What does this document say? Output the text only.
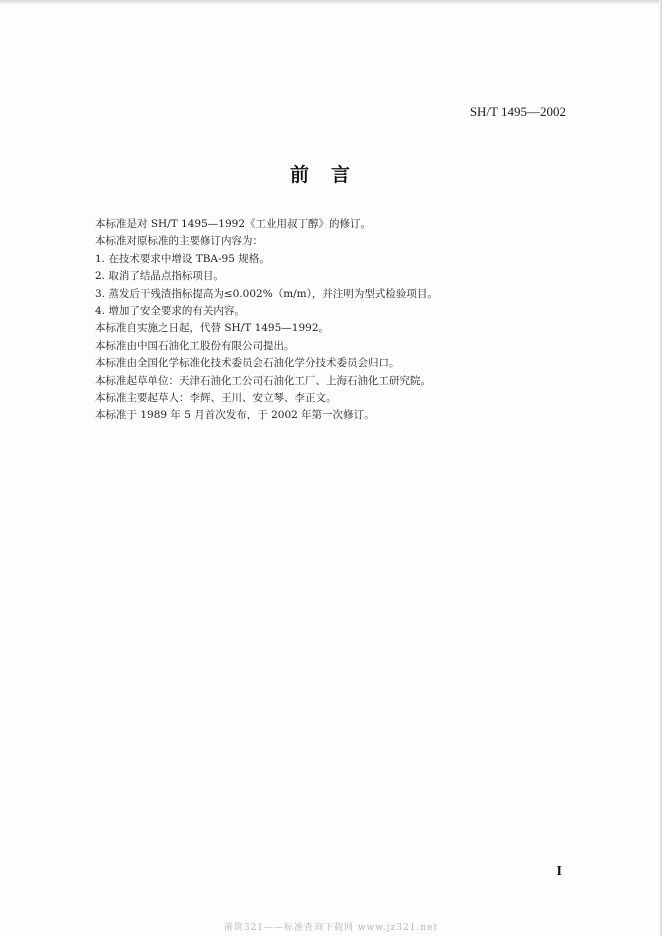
SH/T 1495—2002
前言

本标准是对 SH/T 1495—1992《工业用叔丁醇》的修订。

本标准对原标准的主要修订内容为：

1. 在技术要求中增设 TBA-95 规格。

2. 取消了结晶点指标项目。

3. 蒸发后干残渣指标提高为≤0.002%（m/m），并注明为型式检验项目。

4. 增加了安全要求的有关内容。

本标准自实施之日起，代替 SH/T 1495—1992。

本标准由中国石油化工股份有限公司提出。

本标准由全国化学标准化技术委员会石油化学分技术委员会归口。

本标准起草单位：天津石油化工公司石油化工厂、上海石油化工研究院。

本标准主要起草人：李辉、王川、安立琴、李正文。

本标准于 1989 年 5 月首次发布，于 2002 年第一次修订。

I
莆筑321——标准查询下载网 www.jz321.net
